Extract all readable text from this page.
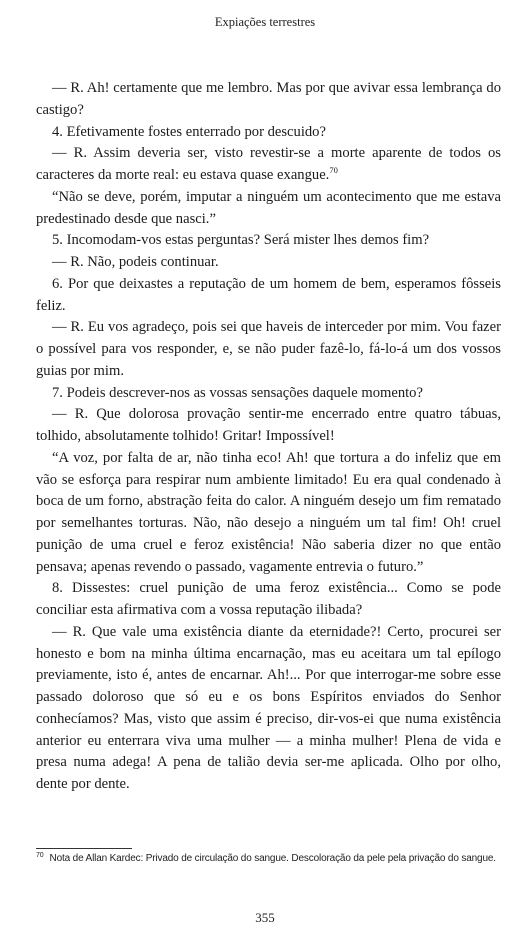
Expiações terrestres

— R. Ah! certamente que me lembro. Mas por que avivar essa lembrança do castigo?

4. Efetivamente fostes enterrado por descuido?

— R. Assim deveria ser, visto revestir-se a morte aparente de todos os caracteres da morte real: eu estava quase exangue.$^{70}$

“Não se deve, porém, imputar a ninguém um acontecimento que me estava predestinado desde que nasci.”

5. Incomodam-vos estas perguntas? Será mister lhes demos fim?

— R. Não, podeis continuar.

6. Por que deixastes a reputação de um homem de bem, esperamos fôsseis feliz.

— R. Eu vos agradeço, pois sei que haveis de interceder por mim. Vou fazer o possível para vos responder, e, se não puder fazê-lo, fá-lo-á um dos vossos guias por mim.

7. Podeis descrever-nos as vossas sensações daquele momento?

— R. Que dolorosa provação sentir-me encerrado entre quatro tábuas, tolhido, absolutamente tolhido! Gritar! Impossível!

“A voz, por falta de ar, não tinha eco! Ah! que tortura a do infeliz que em vão se esforça para respirar num ambiente limitado! Eu era qual condenado à boca de um forno, abstração feita do calor. A ninguém desejo um fim rematado por semelhantes torturas. Não, não desejo a ninguém um tal fim! Oh! cruel punição de uma cruel e feroz existência! Não saberia dizer no que então pensava; apenas revendo o passado, vagamente entrevia o futuro.”

8. Dissestes: cruel punição de uma feroz existência... Como se pode conciliar esta afirmativa com a vossa reputação ilibada?

— R. Que vale uma existência diante da eternidade?! Certo, procurei ser honesto e bom na minha última encarnação, mas eu aceitara um tal epílogo previamente, isto é, antes de encarnar. Ah!... Por que interrogar-me sobre esse passado doloroso que só eu e os bons Espíritos enviados do Senhor conhecíamos? Mas, visto que assim é preciso, dir-vos-ei que numa existência anterior eu enterrara viva uma mulher — a minha mulher! Plena de vida e presa numa adega! A pena de talião devia ser-me aplicada. Olho por olho, dente por dente.

$^{70}$ Nota de Allan Kardec: Privado de circulação do sangue. Descoloração da pele pela privação do sangue.
355
